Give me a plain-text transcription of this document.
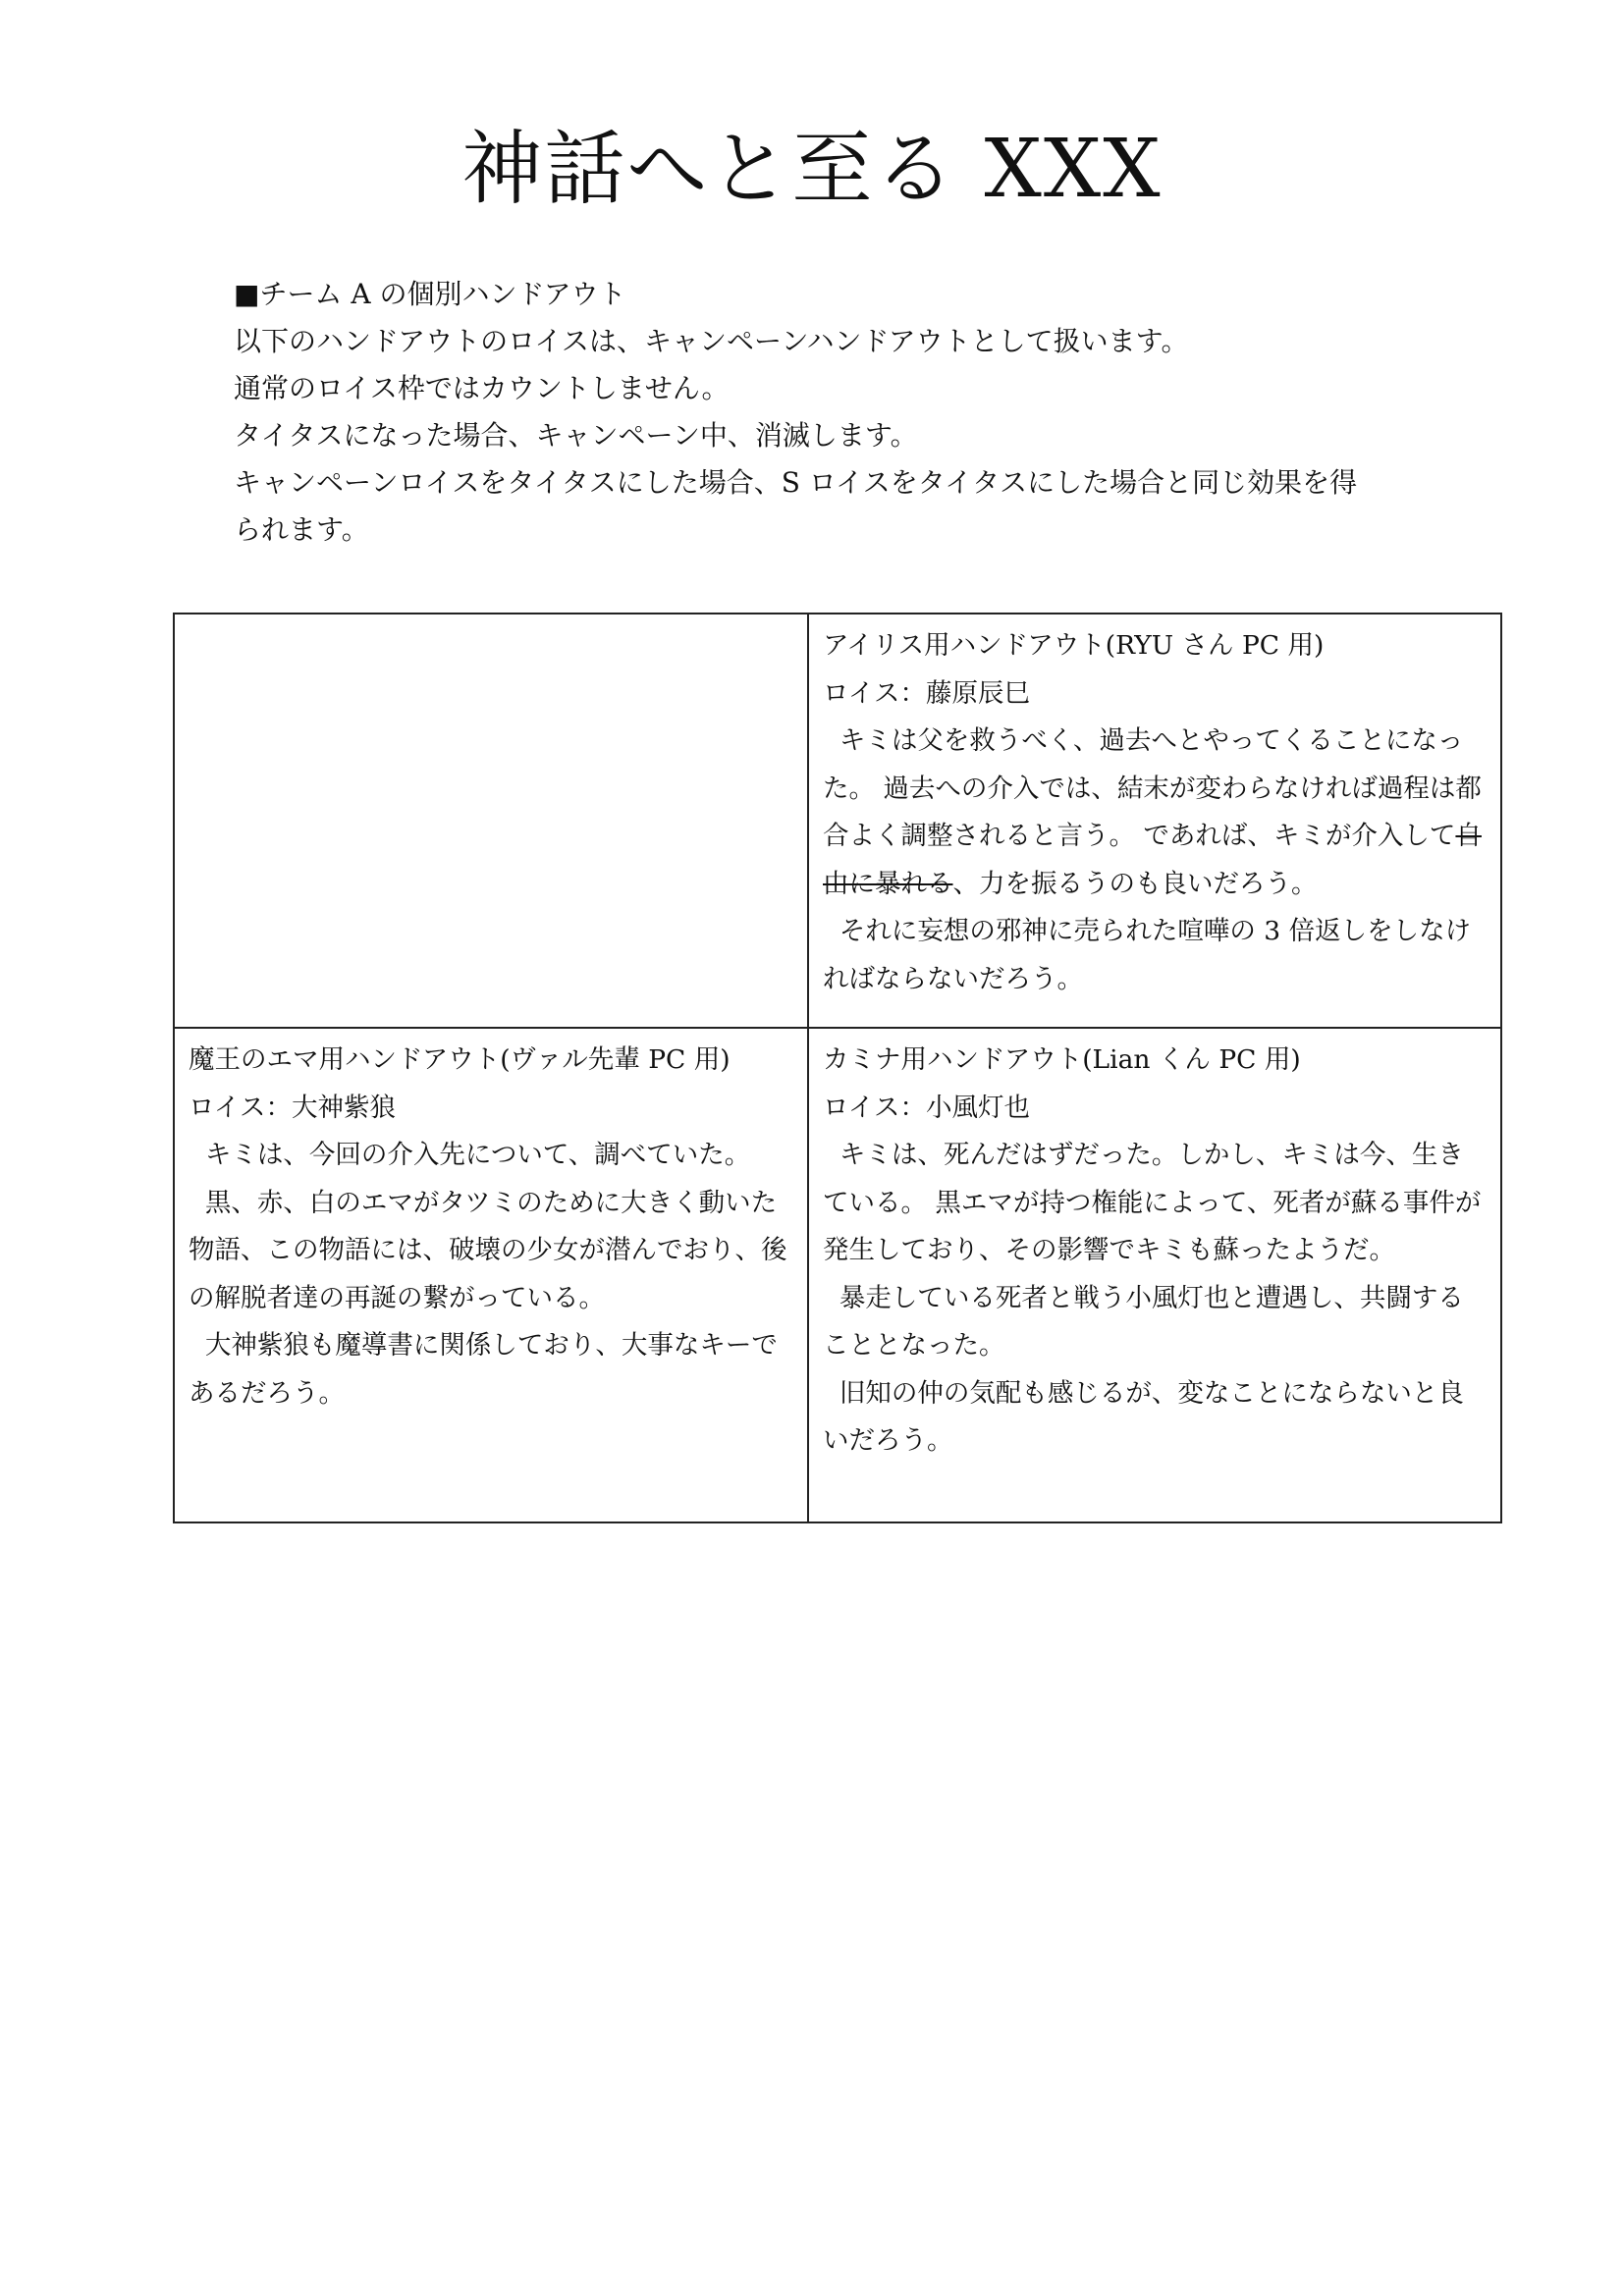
神話へと至る XXX

■チーム A の個別ハンドアウト

以下のハンドアウトのロイスは、キャンペーンハンドアウトとして扱います。

通常のロイス枠ではカウントしません。

タイタスになった場合、キャンペーン中、消滅します。

キャンペーンロイスをタイタスにした場合、S ロイスをタイタスにした場合と同じ効果を得

られます。

アイリス用ハンドアウト(RYU さん PC 用)

ロイス：藤原辰巳

キミは父を救うべく、過去へとやってくることになった。 過去への介入では、結末が変わらなければ過程は都合よく調整されると言う。 であれば、キミが介入して自由に暴れる、力を振るうのも良いだろう。

それに妄想の邪神に売られた喧嘩の 3 倍返しをしなければならないだろう。

魔王のエマ用ハンドアウト(ヴァル先輩 PC 用)

ロイス：大神紫狼

キミは、今回の介入先について、調べていた。

黒、赤、白のエマがタツミのために大きく動いた物語、この物語には、破壊の少女が潜んでおり、後の解脱者達の再誕の繋がっている。

大神紫狼も魔導書に関係しており、大事なキーであるだろう。

カミナ用ハンドアウト(Lian くん PC 用)

ロイス：小風灯也

キミは、死んだはずだった。しかし、キミは今、生きている。 黒エマが持つ権能によって、死者が蘇る事件が発生しており、その影響でキミも蘇ったようだ。

暴走している死者と戦う小風灯也と遭遇し、共闘することとなった。

旧知の仲の気配も感じるが、変なことにならないと良いだろう。
